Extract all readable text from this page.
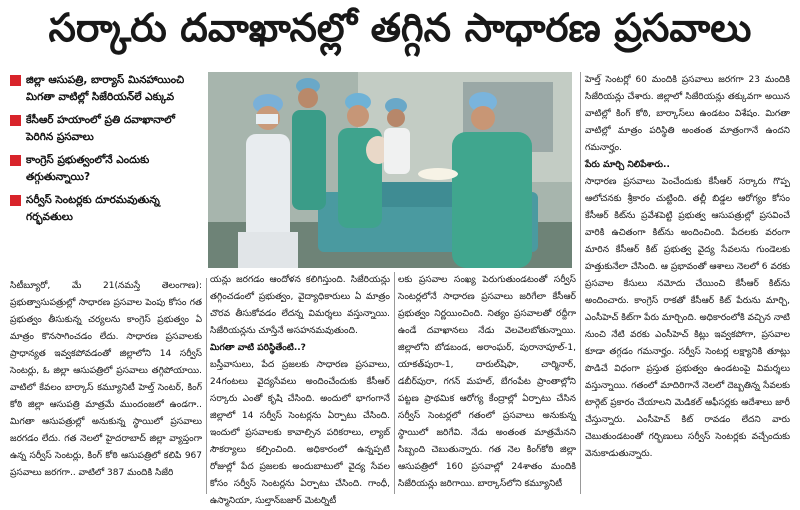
సర్కారు దవాఖానల్లో తగ్గిన సాధారణ ప్రసవాలు
జిల్లా ఆసుపత్రి, బార్యాస్ మినహాయించి మిగతా వాటిల్లో సిజేరియన్‌లే ఎక్కువ
కేసీఆర్ హయాంలో ప్రతి దవాఖానాలో పెరిగిన ప్రసవాలు
కాంగ్రెస్ ప్రభుత్వంలోనే ఎందుకు తగ్గుతున్నాయి?
సర్వీస్ సెంటర్లకు దూరమవుతున్న గర్భవతులు
సిటీబ్యూరో, మే 21(నమస్తే తెలంగాణ): ప్రభుత్వాసుపత్రుల్లో సాధారణ ప్రసవాల పెంపు కోసం గత ప్రభుత్వం తీసుకున్న చర్యలను కాంగ్రెస్ ప్రభుత్వం ఏ మాత్రం కొనసాగించడం లేదు. సాధారణ ప్రసవాలకు ప్రాధాన్యత ఇవ్వకపోవడంతో జిల్లాలోని 14 సర్వీస్ సెంటర్లు, ఓ జిల్లా ఆసుపత్రిలో ప్రసవాలు తగ్గిపోయాయి. వాటిలో కేవలం బార్కాస్ కమ్యూనిటీ హెల్త్ సెంటర్, కింగ్ కోఠి జిల్లా ఆసుపత్రి మాత్రమే ముందంజలో ఉండగా.. మిగతా ఆసుపత్రుల్లో అనుకున్న స్థాయిలో ప్రసవాలు జరగడం లేదు. గత నెలలో హైదరాబాద్ జిల్లా వ్యాప్తంగా ఉన్న సర్వీస్ సెంటర్లు, కింగ్ కోఠి ఆసుపత్రిలో కలిపి 967 ప్రసవాలు జరగగా.. వాటిలో 387 మందికి సిజేరి
యన్లు జరగడం ఆందోళన కలిగిస్తుంది. సిజేరియన్లు తగ్గించడంలో ప్రభుత్వం, వైద్యాధికారులు ఏ మాత్రం చొరవ తీసుకోవడం లేదన్న విమర్శలు వస్తున్నాయి. సిజేరియన్లను చూస్తేనే అసహనమవుతుంది.
మిగతా వాటి పరిస్థితేంటి..?
బస్తీవాసులు, పేద ప్రజలకు సాధారణ ప్రసవాలు, 24గంటలు వైద్యసేవలు అందించేందుకు కేసీఆర్ సర్కారు ఎంతో కృషి చేసింది. అందులో భాగంగానే జిల్లాలో 14 సర్వీస్ సెంటర్లను ఏర్పాటు చేసింది. ఇందులో ప్రసవాలకు కావాల్సిన పరికరాలు, ల్యాబ్ సౌకర్యాలు కల్పించింది. అధికారంలో ఉన్నప్పటి రోజుల్లో పేద ప్రజలకు అందుబాటులో వైద్య సేవల కోసం సర్వీస్ సెంటర్లను ఏర్పాటు చేసింది. గాంధీ, ఉస్మానియా, సుల్తాన్‌బజార్ మెటర్నిటీ
లకు ప్రసవాల సంఖ్య పెరుగుతుండటంతో సర్వీస్ సెంటర్లలోనే సాధారణ ప్రసవాలు జరిగేలా కేసీఆర్ ప్రభుత్వం నిర్ణయించింది. నిత్యం ప్రసవాలతో రద్దీగా ఉండే దవాఖానలు నేడు వెలవెలబోతున్నాయి. జిల్లాలోని బోడబండ, అరాంఘర్, పురానాపూల్-1, యాకత్‌పురా-1, దారుల్‌షిఫా, చార్మినార్, డబీర్‌పురా, గగన్ మహల్, బేగంపేట ప్రాంతాల్లోని పట్టణ ప్రాథమిక ఆరోగ్య కేంద్రాల్లో ఏర్పాటు చేసిన సర్వీస్ సెంటర్లలో గతంలో ప్రసవాలు అనుకున్న స్థాయిలో జరిగేవి. నేడు అంతంత మాత్రమేనని సిబ్బంది చెబుతున్నారు. గత నెల కింగ్‌కోఠి జిల్లా ఆసుపత్రిలో 160 ప్రసవాల్లో 24శాతం మందికి సిజేరియన్లు జరిగాయి. బార్కాస్‌లోని కమ్యూనిటీ
హెల్త్ సెంటర్లో 60 మందికి ప్రసవాలు జరగగా 23 మందికి సిజేరియన్లు చేశారు. జిల్లాలో సిజేరియన్లు తక్కువగా అయిన వాటిల్లో కింగ్ కోఠి, బార్కాస్‌లు ఉండటం విశేషం. మిగతా వాటిల్లో మాత్రం పరిస్థితి అంతంత మాత్రంగానే ఉందని గమనార్హం.
పేరు మార్చి నిలిపేశారు..
సాధారణ ప్రసవాలు పెంచేందుకు కేసీఆర్ సర్కారు గొప్ప ఆలోచనకు శ్రీకారం చుట్టింది. తల్లీ బిడ్డల ఆరోగ్యం కోసం కేసీఆర్ కిట్‌ను ప్రవేశపెట్టి ప్రభుత్వ ఆసుపత్రుల్లో ప్రసవించే వారికి ఉచితంగా కిట్‌ను అందించింది. పేదలకు వరంగా మారిన కేసీఆర్ కిట్ ప్రభుత్వ వైద్య సేవలను గుండెలకు హత్తుకునేలా చేసింది. ఆ ప్రభావంతో ఆశాలు నెలలో 6 వరకు ప్రసవాల కేసులు నమోదు చేయించి కేసీఆర్ కిట్‌ను అందించారు. కాంగ్రెస్ రాకతో కేసీఆర్ కిట్ పేరును మార్చి, ఎంసీహెచ్ కిట్‌గా పేరు మార్చింది. అధికారంలోకి వచ్చిన నాటి నుంచి నేటి వరకు ఎంసీహెచ్ కిట్లు ఇవ్వకపోగా, ప్రసవాల కూడా తగ్గడం గమనార్హం. సర్వీస్ సెంటర్ల లక్ష్యానికి తూట్లు పొడిచే విధంగా ప్రస్తుత ప్రభుత్వం ఉండటంపై విమర్శలు వస్తున్నాయి. గతంలో మాదిరిగానే నెలలో దెబ్బతిన్న సేవలకు టార్గెట్ ప్రకారం చేయాలని మెడికల్ ఆఫీసర్లకు ఆదేశాలు జారీ చేస్తున్నారు. ఎంసీహెచ్ కిట్ రావడం లేదని వారు చెబుతుండటంతో గర్భిణులు సర్వీస్ సెంటర్లకు వచ్చేందుకు వెనుకాడుతున్నారు.
